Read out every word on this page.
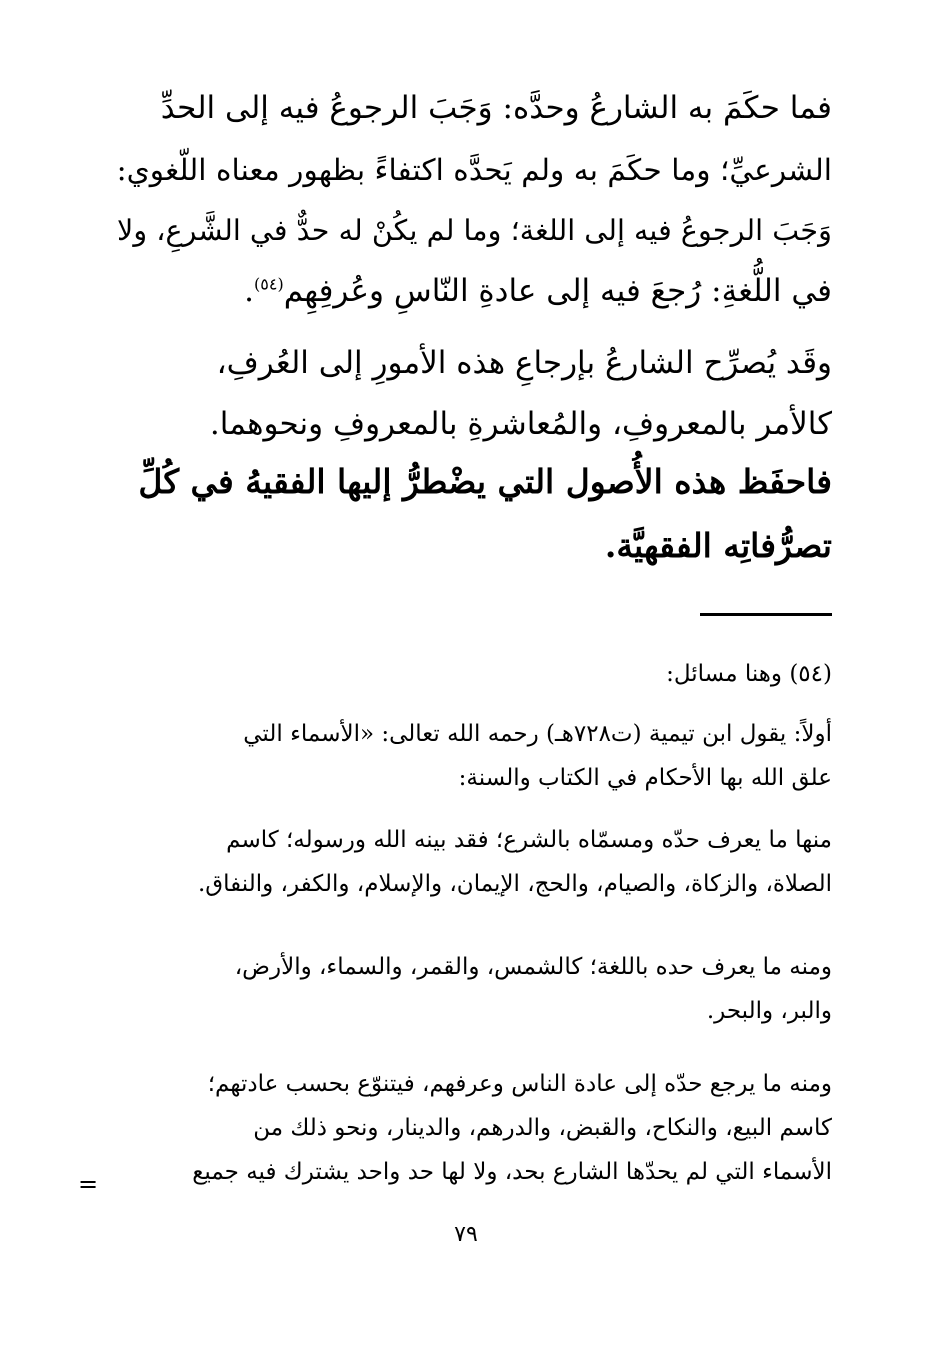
فما حكَمَ به الشارعُ وحدَّه: وَجَبَ الرجوعُ فيه إلى الحدِّ
الشرعيِّ؛ وما حكَمَ به ولم يَحدَّه اكتفاءً بظهور معناه اللّغوي:
وَجَبَ الرجوعُ فيه إلى اللغة؛ وما لم يكُنْ له حدٌّ في الشَّرعِ، ولا
في اللُّغةِ: رُجعَ فيه إلى عادةِ النّاسِ وعُرفِهِم$^{(٥٤)}$.
وقَد يُصرِّح الشارعُ بإرجاعِ هذه الأمورِ إلى العُرفِ،
كالأمر بالمعروفِ، والمُعاشرةِ بالمعروفِ ونحوهما.
فاحفَظ هذه الأُصول التي يضْطرُّ إليها الفقيهُ في كُلِّ
تصرُّفاتِه الفقهيَّة.
(٥٤) وهنا مسائل:
أولاً: يقول ابن تيمية (ت٧٢٨هـ) رحمه الله تعالى: «الأسماء التي
علق الله بها الأحكام في الكتاب والسنة:
منها ما يعرف حدّه ومسمّاه بالشرع؛ فقد بينه الله ورسوله؛ كاسم
الصلاة، والزكاة، والصيام، والحج، الإيمان، والإسلام، والكفر، والنفاق.
ومنه ما يعرف حده باللغة؛ كالشمس، والقمر، والسماء، والأرض،
والبر، والبحر.
ومنه ما يرجع حدّه إلى عادة الناس وعرفهم، فيتنوّع بحسب عادتهم؛
كاسم البيع، والنكاح، والقبض، والدرهم، والدينار، ونحو ذلك من
الأسماء التي لم يحدّها الشارع بحد، ولا لها حد واحد يشترك فيه جميع
=
٧٩
